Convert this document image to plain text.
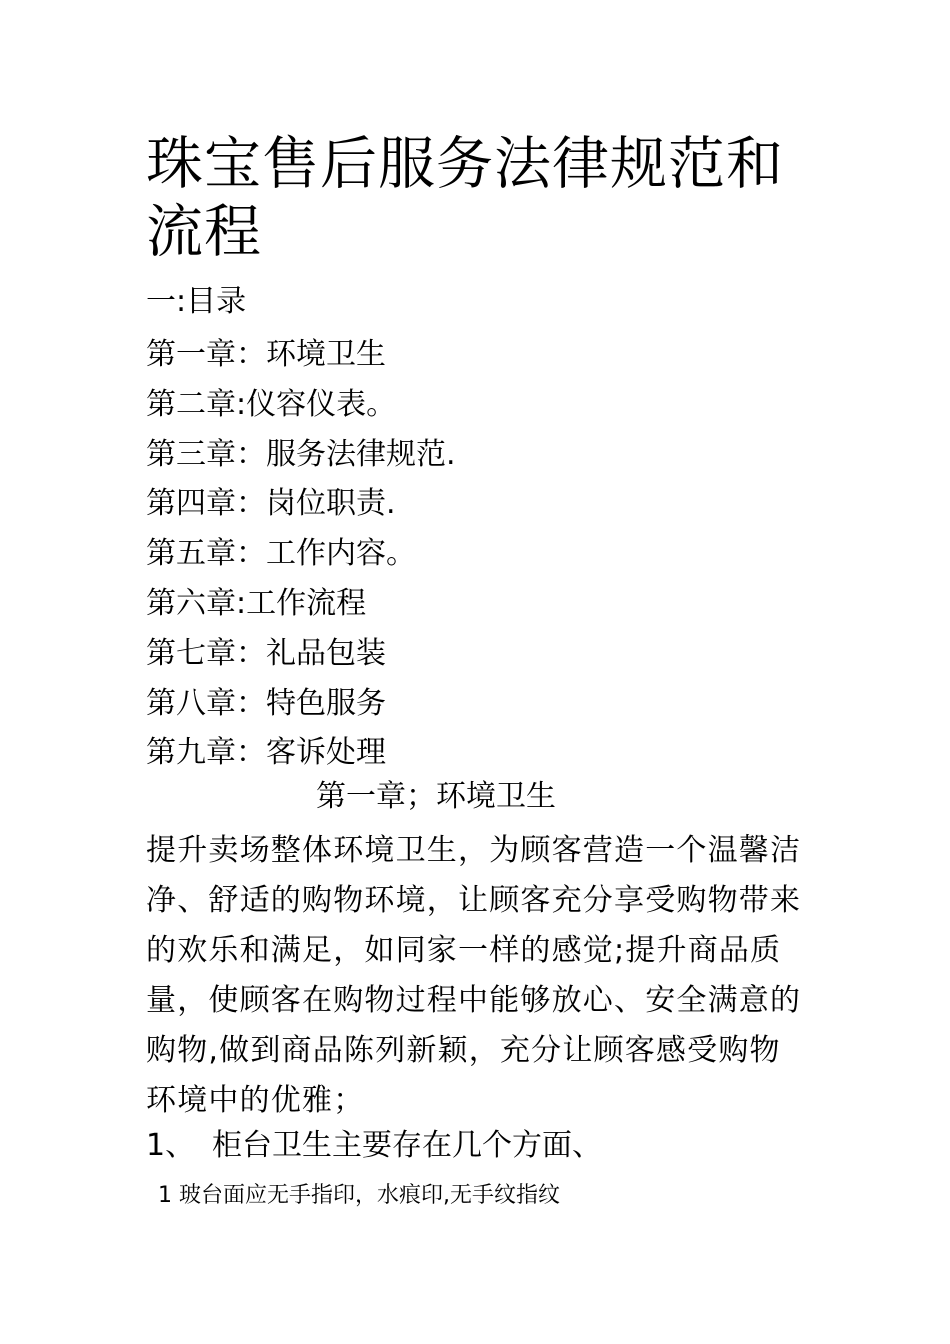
珠宝售后服务法律规范和流程
一:目录
第一章：环境卫生
第二章:仪容仪表。
第三章：服务法律规范.
第四章：岗位职责.
第五章：工作内容。
第六章:工作流程
第七章：礼品包装
第八章：特色服务
第九章：客诉处理
第一章；环境卫生

提升卖场整体环境卫生，为顾客营造一个温馨洁净、舒适的购物环境，让顾客充分享受购物带来的欢乐和满足，如同家一样的感觉;提升商品质量，使顾客在购物过程中能够放心、安全满意的购物,做到商品陈列新颖，充分让顾客感受购物环境中的优雅；

1、 柜台卫生主要存在几个方面、

1 玻台面应无手指印，水痕印,无手纹指纹
